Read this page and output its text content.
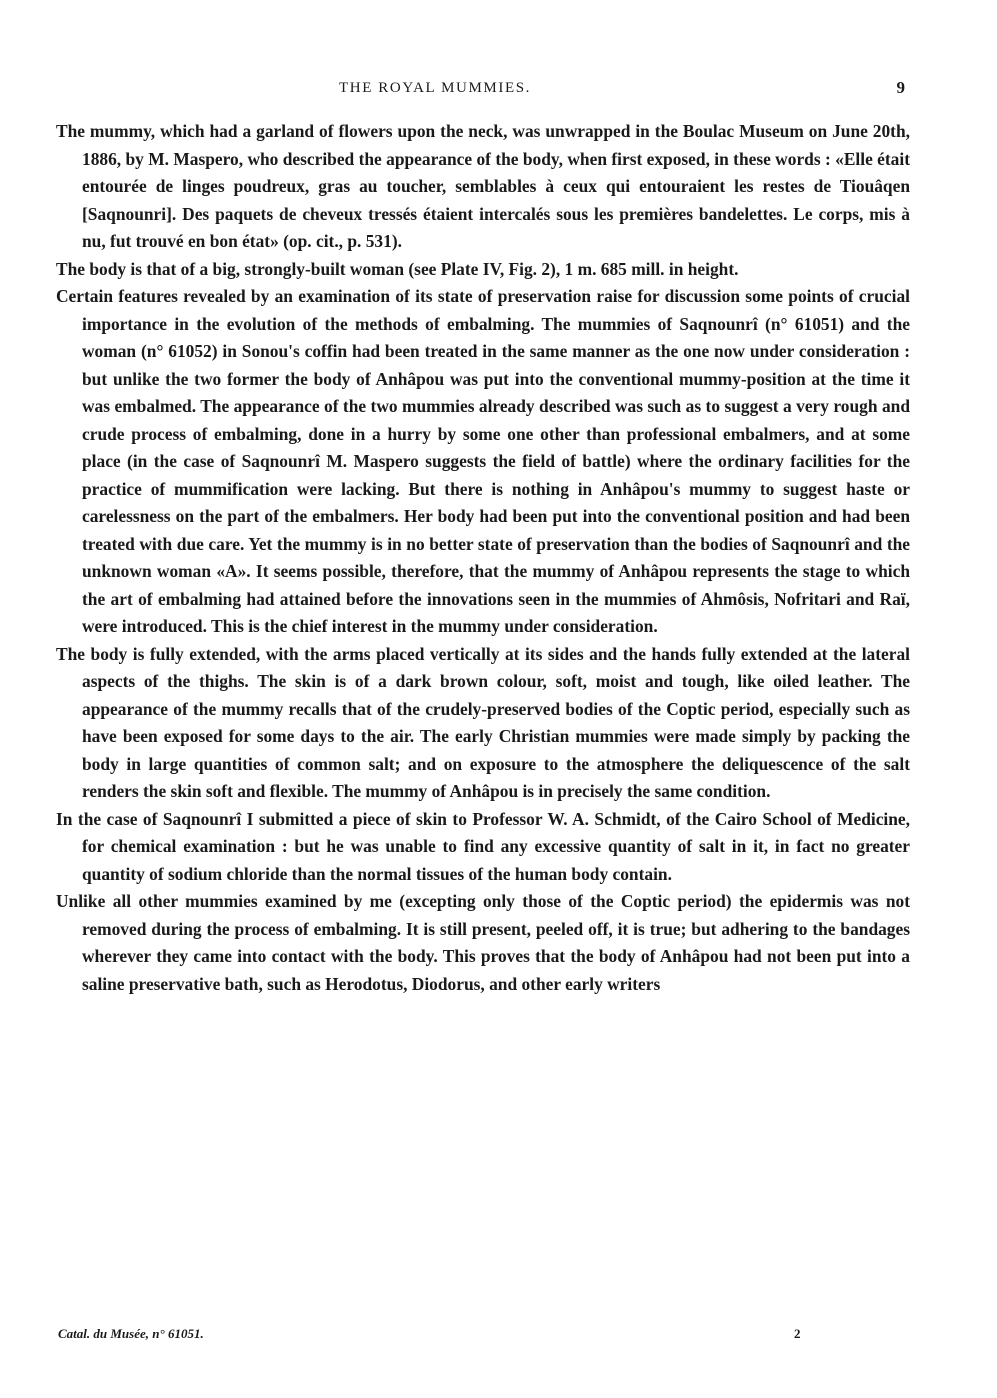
THE ROYAL MUMMIES.	9

The mummy, which had a garland of flowers upon the neck, was unwrapped in the Boulac Museum on June 20th, 1886, by M. Maspero, who described the appearance of the body, when first exposed, in these words : «Elle était entourée de linges poudreux, gras au toucher, semblables à ceux qui entouraient les restes de Tiouâqen [Saqnounri]. Des paquets de cheveux tressés étaient intercalés sous les premières bandelettes. Le corps, mis à nu, fut trouvé en bon état» (op. cit., p. 531).

The body is that of a big, strongly-built woman (see Plate IV, Fig. 2), 1 m. 685 mill. in height.

Certain features revealed by an examination of its state of preservation raise for discussion some points of crucial importance in the evolution of the methods of embalming. The mummies of Saqnounrî (n° 61051) and the woman (n° 61052) in Sonou's coffin had been treated in the same manner as the one now under consideration : but unlike the two former the body of Anhâpou was put into the conventional mummy-position at the time it was embalmed. The appearance of the two mummies already described was such as to suggest a very rough and crude process of embalming, done in a hurry by some one other than professional embalmers, and at some place (in the case of Saqnounrî M. Maspero suggests the field of battle) where the ordinary facilities for the practice of mummification were lacking. But there is nothing in Anhâpou's mummy to suggest haste or carelessness on the part of the embalmers. Her body had been put into the conventional position and had been treated with due care. Yet the mummy is in no better state of preservation than the bodies of Saqnounrî and the unknown woman «A». It seems possible, therefore, that the mummy of Anhâpou represents the stage to which the art of embalming had attained before the innovations seen in the mummies of Ahmôsis, Nofritari and Raï, were introduced. This is the chief interest in the mummy under consideration.

The body is fully extended, with the arms placed vertically at its sides and the hands fully extended at the lateral aspects of the thighs. The skin is of a dark brown colour, soft, moist and tough, like oiled leather. The appearance of the mummy recalls that of the crudely-preserved bodies of the Coptic period, especially such as have been exposed for some days to the air. The early Christian mummies were made simply by packing the body in large quantities of common salt; and on exposure to the atmosphere the deliquescence of the salt renders the skin soft and flexible. The mummy of Anhâpou is in precisely the same condition.

In the case of Saqnounrî I submitted a piece of skin to Professor W. A. Schmidt, of the Cairo School of Medicine, for chemical examination : but he was unable to find any excessive quantity of salt in it, in fact no greater quantity of sodium chloride than the normal tissues of the human body contain.

Unlike all other mummies examined by me (excepting only those of the Coptic period) the epidermis was not removed during the process of embalming. It is still present, peeled off, it is true; but adhering to the bandages wherever they came into contact with the body. This proves that the body of Anhâpou had not been put into a saline preservative bath, such as Herodotus, Diodorus, and other early writers

Catal. du Musée, n° 61051.	2
